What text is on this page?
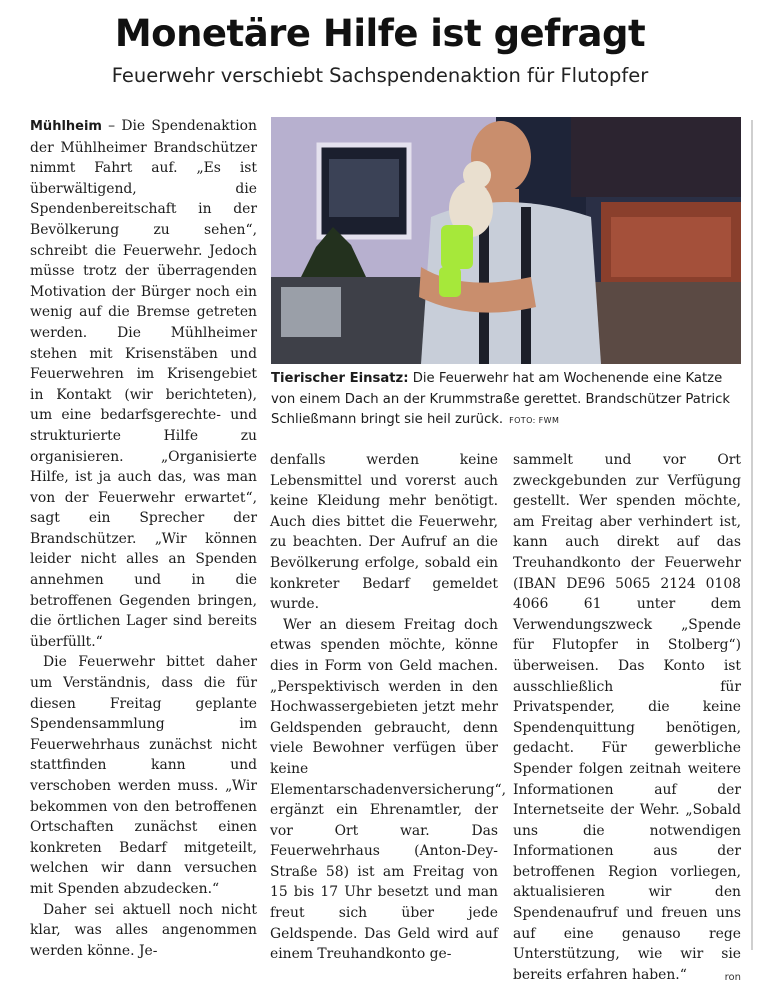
Monetäre Hilfe ist gefragt
Feuerwehr verschiebt Sachspendenaktion für Flutopfer

Mühlheim – Die Spendenaktion der Mühlheimer Brandschützer nimmt Fahrt auf. „Es ist überwältigend, die Spendenbereitschaft in der Bevölkerung zu sehen“, schreibt die Feuerwehr. Jedoch müsse trotz der überragenden Motivation der Bürger noch ein wenig auf die Bremse getreten werden. Die Mühlheimer stehen mit Krisenstäben und Feuerwehren im Krisengebiet in Kontakt (wir berichteten), um eine bedarfsgerechte- und strukturierte Hilfe zu organisieren. „Organisierte Hilfe, ist ja auch das, was man von der Feuerwehr erwartet“, sagt ein Sprecher der Brandschützer. „Wir können leider nicht alles an Spenden annehmen und in die betroffenen Gegenden bringen, die örtlichen Lager sind bereits überfüllt.“

Die Feuerwehr bittet daher um Verständnis, dass die für diesen Freitag geplante Spendensammlung im Feuerwehrhaus zunächst nicht stattfinden kann und verschoben werden muss. „Wir bekommen von den betroffenen Ortschaften zunächst einen konkreten Bedarf mitgeteilt, welchen wir dann versuchen mit Spenden abzudecken.“

Daher sei aktuell noch nicht klar, was alles angenommen werden könne. Je-

Tierischer Einsatz: Die Feuerwehr hat am Wochenende eine Katze von einem Dach an der Krummstraße gerettet. Brandschützer Patrick Schließmann bringt sie heil zurück. FOTO: FWM

denfalls werden keine Lebensmittel und vorerst auch keine Kleidung mehr benötigt. Auch dies bittet die Feuerwehr, zu beachten. Der Aufruf an die Bevölkerung erfolge, sobald ein konkreter Bedarf gemeldet wurde.

Wer an diesem Freitag doch etwas spenden möchte, könne dies in Form von Geld machen. „Perspektivisch werden in den Hochwassergebieten jetzt mehr Geldspenden gebraucht, denn viele Bewohner verfügen über keine Elementarschadenversicherung“, ergänzt ein Ehrenamtler, der vor Ort war. Das Feuerwehrhaus (Anton-Dey-Straße 58) ist am Freitag von 15 bis 17 Uhr besetzt und man freut sich über jede Geldspende. Das Geld wird auf einem Treuhandkonto ge-

sammelt und vor Ort zweckgebunden zur Verfügung gestellt. Wer spenden möchte, am Freitag aber verhindert ist, kann auch direkt auf das Treuhandkonto der Feuerwehr (IBAN DE96 5065 2124 0108 4066 61 unter dem Verwendungszweck „Spende für Flutopfer in Stolberg“) überweisen. Das Konto ist ausschließlich für Privatspender, die keine Spendenquittung benötigen, gedacht. Für gewerbliche Spender folgen zeitnah weitere Informationen auf der Internetseite der Wehr. „Sobald uns die notwendigen Informationen aus der betroffenen Region vorliegen, aktualisieren wir den Spendenaufruf und freuen uns auf eine genauso rege Unterstützung, wie wir sie bereits erfahren haben.“	ron
